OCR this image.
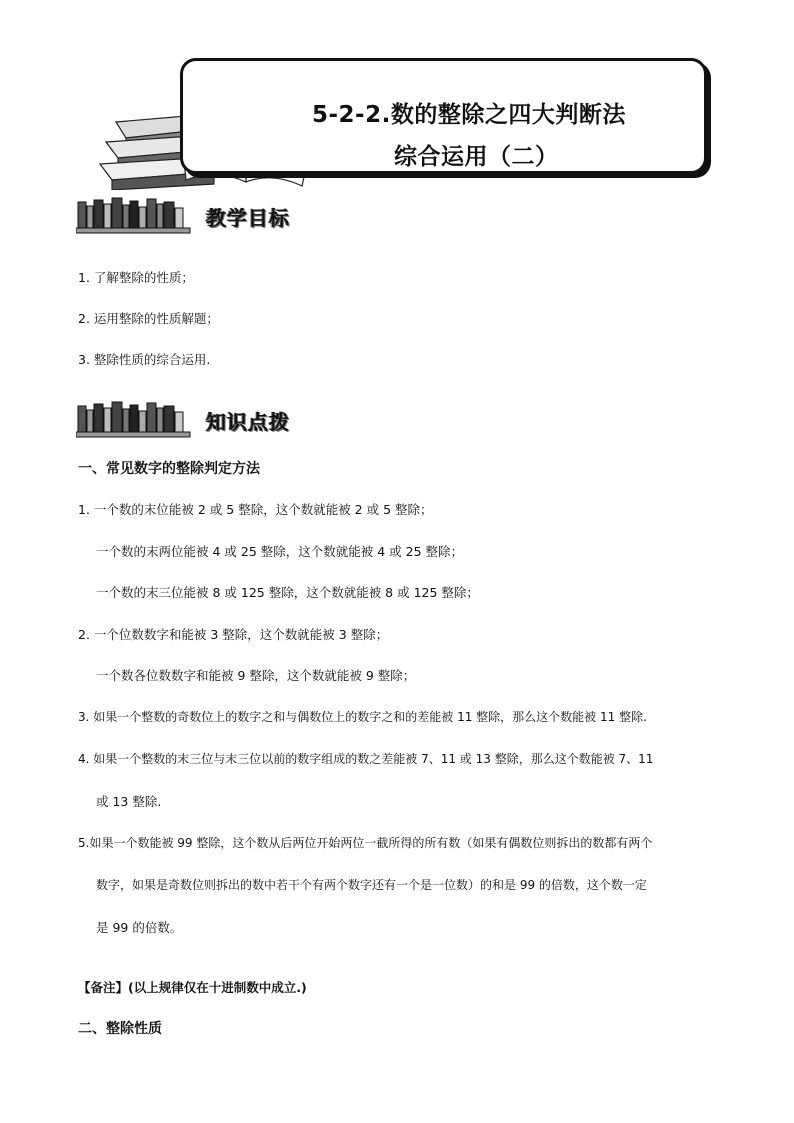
5-2-2.数的整除之四大判断法
综合运用（二）
教学目标
1. 了解整除的性质；
2. 运用整除的性质解题；
3. 整除性质的综合运用.
知识点拨
一、常见数字的整除判定方法
1. 一个数的末位能被 2 或 5 整除，这个数就能被 2 或 5 整除；
一个数的末两位能被 4 或 25 整除，这个数就能被 4 或 25 整除；
一个数的末三位能被 8 或 125 整除，这个数就能被 8 或 125 整除；
2. 一个位数数字和能被 3 整除，这个数就能被 3 整除；
一个数各位数数字和能被 9 整除，这个数就能被 9 整除；
3. 如果一个整数的奇数位上的数字之和与偶数位上的数字之和的差能被 11 整除，那么这个数能被 11 整除.
4. 如果一个整数的末三位与末三位以前的数字组成的数之差能被 7、11 或 13 整除，那么这个数能被 7、11
或 13 整除.
5.如果一个数能被 99 整除，这个数从后两位开始两位一截所得的所有数（如果有偶数位则拆出的数都有两个
数字，如果是奇数位则拆出的数中若干个有两个数字还有一个是一位数）的和是 99 的倍数，这个数一定
是 99 的倍数。
【备注】(以上规律仅在十进制数中成立.)
二、整除性质
